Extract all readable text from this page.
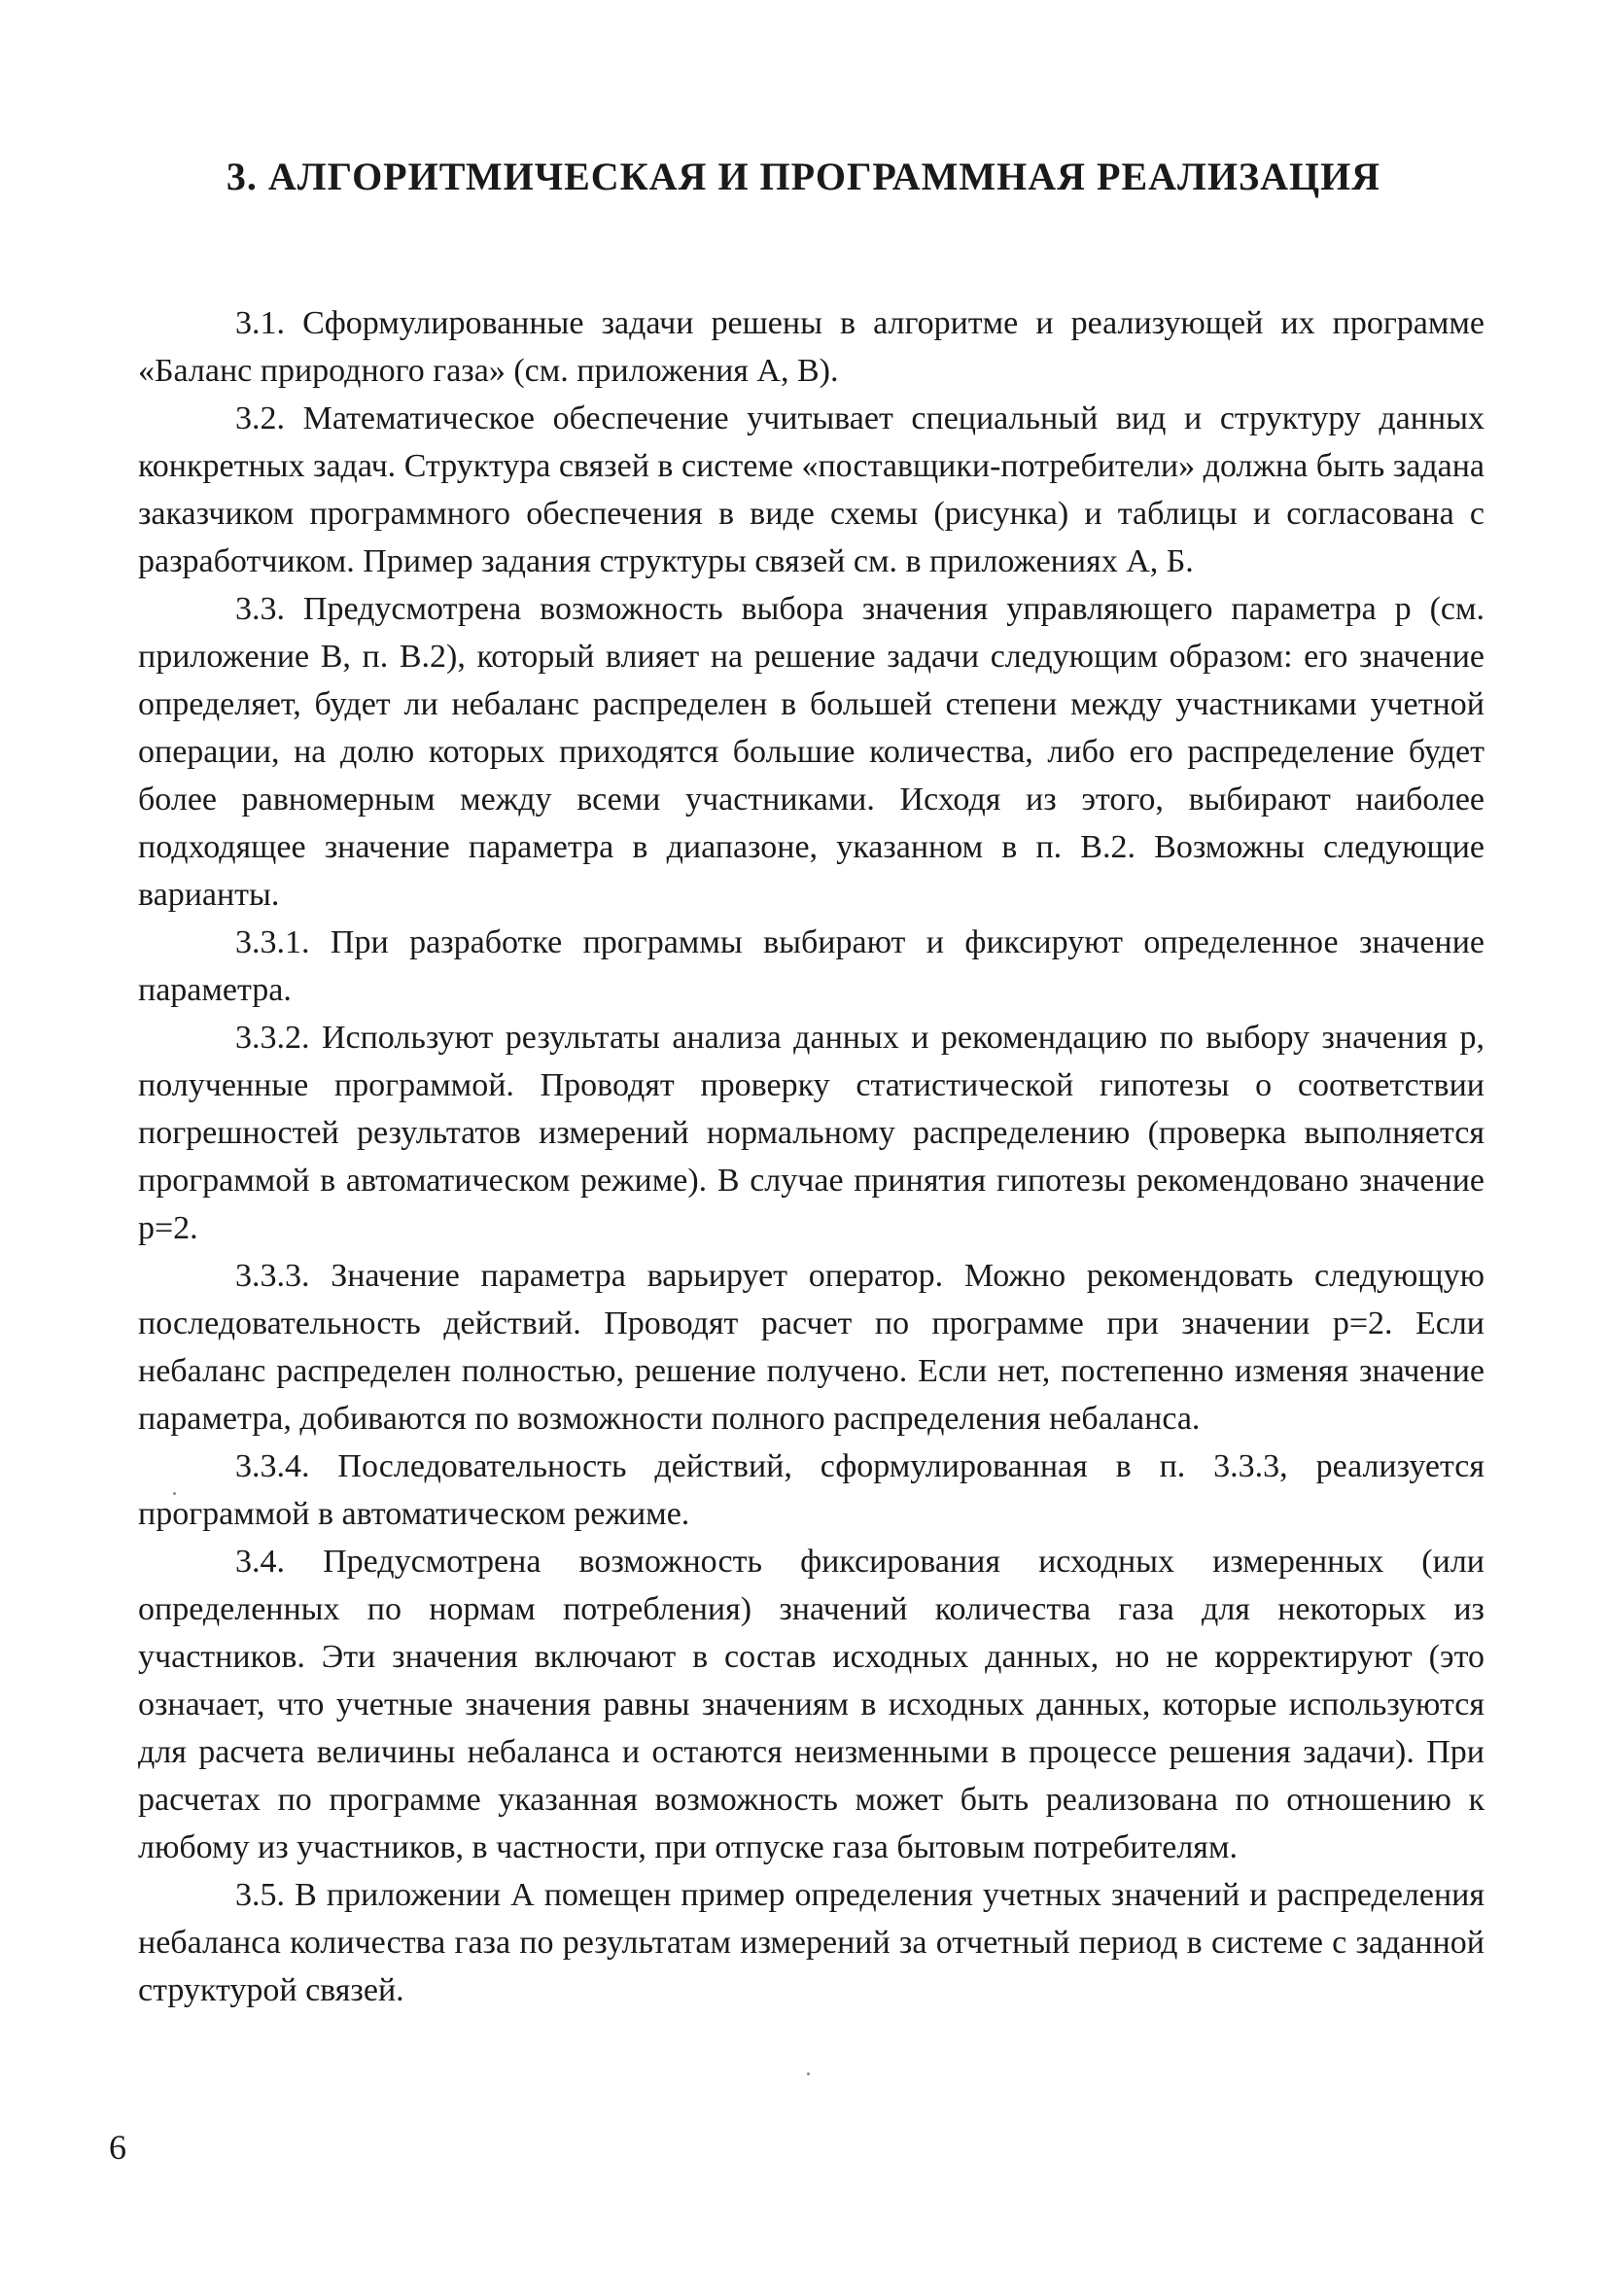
3. АЛГОРИТМИЧЕСКАЯ И ПРОГРАММНАЯ РЕАЛИЗАЦИЯ

3.1. Сформулированные задачи решены в алгоритме и реализующей их программе «Баланс природного газа» (см. приложения А, В).

3.2. Математическое обеспечение учитывает специальный вид и структуру данных конкретных задач. Структура связей в системе «поставщики-потребители» должна быть задана заказчиком программного обеспечения в виде схемы (рисунка) и таблицы и согласована с разработчиком. Пример задания структуры связей см. в приложениях А, Б.

3.3. Предусмотрена возможность выбора значения управляющего параметра p (см. приложение В, п. В.2), который влияет на решение задачи следующим образом: его значение определяет, будет ли небаланс распределен в большей степени между участниками учетной операции, на долю которых приходятся большие количества, либо его распределение будет более равномерным между всеми участниками. Исходя из этого, выбирают наиболее подходящее значение параметра в диапазоне, указанном в п. В.2. Возможны следующие варианты.

3.3.1. При разработке программы выбирают и фиксируют определенное значение параметра.

3.3.2. Используют результаты анализа данных и рекомендацию по выбору значения p, полученные программой. Проводят проверку статистической гипотезы о соответствии погрешностей результатов измерений нормальному распределению (проверка выполняется программой в автоматическом режиме). В случае принятия гипотезы рекомендовано значение p=2.

3.3.3. Значение параметра варьирует оператор. Можно рекомендовать следующую последовательность действий. Проводят расчет по программе при значении p=2. Если небаланс распределен полностью, решение получено. Если нет, постепенно изменяя значение параметра, добиваются по возможности полного распределения небаланса.

3.3.4. Последовательность действий, сформулированная в п. 3.3.3, реализуется программой в автоматическом режиме.

3.4. Предусмотрена возможность фиксирования исходных измеренных (или определенных по нормам потребления) значений количества газа для некоторых из участников. Эти значения включают в состав исходных данных, но не корректируют (это означает, что учетные значения равны значениям в исходных данных, которые используются для расчета величины небаланса и остаются неизменными в процессе решения задачи). При расчетах по программе указанная возможность может быть реализована по отношению к любому из участников, в частности, при отпуске газа бытовым потребителям.

3.5. В приложении А помещен пример определения учетных значений и распределения небаланса количества газа по результатам измерений за отчетный период в системе с заданной структурой связей.

6
